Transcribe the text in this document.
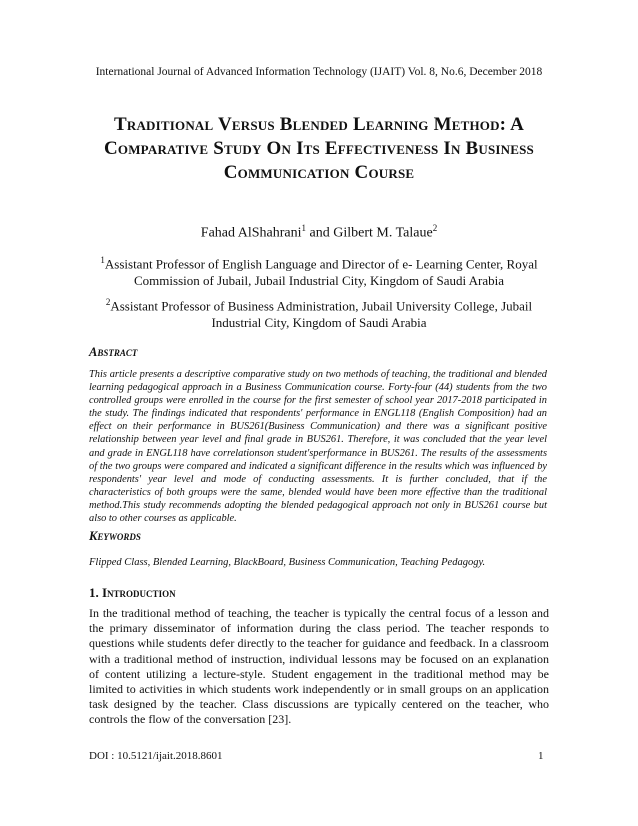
International Journal of Advanced Information Technology (IJAIT) Vol. 8, No.6, December 2018
Traditional Versus Blended Learning Method: A Comparative Study On Its Effectiveness In Business Communication Course
Fahad AlShahrani$^1$ and Gilbert M. Talaue$^2$
$^1$Assistant Professor of English Language and Director of e- Learning Center, Royal Commission of Jubail, Jubail Industrial City, Kingdom of Saudi Arabia
$^2$Assistant Professor of Business Administration, Jubail University College, Jubail Industrial City, Kingdom of Saudi Arabia
Abstract
This article presents a descriptive comparative study on two methods of teaching, the traditional and blended learning pedagogical approach in a Business Communication course. Forty-four (44) students from the two controlled groups were enrolled in the course for the first semester of school year 2017-2018 participated in the study. The findings indicated that respondents' performance in ENGL118 (English Composition) had an effect on their performance in BUS261(Business Communication) and there was a significant positive relationship between year level and final grade in BUS261. Therefore, it was concluded that the year level and grade in ENGL118 have correlationson student'sperformance in BUS261. The results of the assessments of the two groups were compared and indicated a significant difference in the results which was influenced by respondents' year level and mode of conducting assessments. It is further concluded, that if the characteristics of both groups were the same, blended would have been more effective than the traditional method.This study recommends adopting the blended pedagogical approach not only in BUS261 course but also to other courses as applicable.
Keywords
Flipped Class, Blended Learning, BlackBoard, Business Communication, Teaching Pedagogy.
1. Introduction
In the traditional method of teaching, the teacher is typically the central focus of a lesson and the primary disseminator of information during the class period. The teacher responds to questions while students defer directly to the teacher for guidance and feedback. In a classroom with a traditional method of instruction, individual lessons may be focused on an explanation of content utilizing a lecture-style. Student engagement in the traditional method may be limited to activities in which students work independently or in small groups on an application task designed by the teacher. Class discussions are typically centered on the teacher, who controls the flow of the conversation [23].
DOI : 10.5121/ijait.2018.8601	1
